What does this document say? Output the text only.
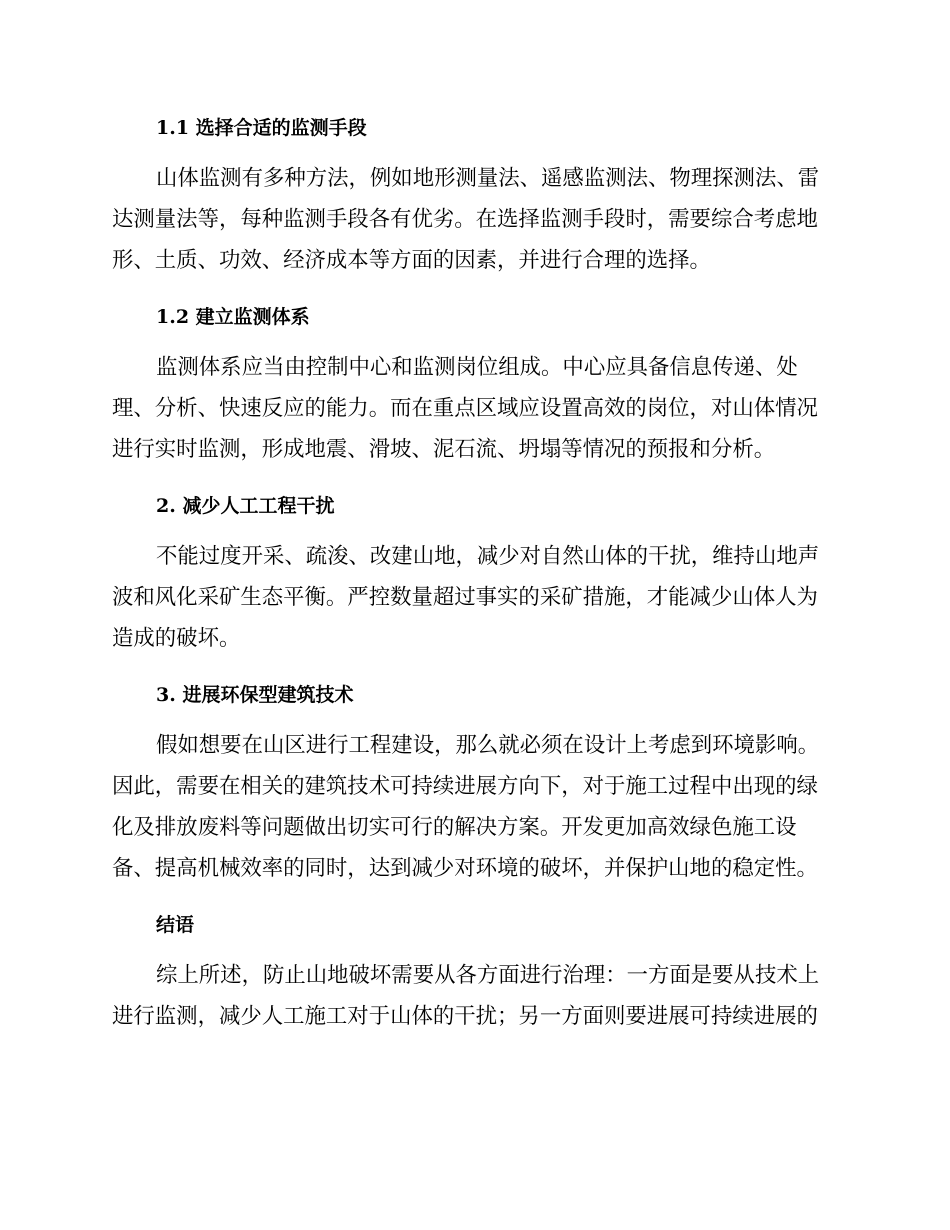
1.1 选择合适的监测手段

山体监测有多种方法，例如地形测量法、遥感监测法、物理探测法、雷
达测量法等，每种监测手段各有优劣。在选择监测手段时，需要综合考虑地
形、土质、功效、经济成本等方面的因素，并进行合理的选择。

1.2 建立监测体系

监测体系应当由控制中心和监测岗位组成。中心应具备信息传递、处
理、分析、快速反应的能力。而在重点区域应设置高效的岗位，对山体情况
进行实时监测，形成地震、滑坡、泥石流、坍塌等情况的预报和分析。

2. 减少人工工程干扰

不能过度开采、疏浚、改建山地，减少对自然山体的干扰，维持山地声
波和风化采矿生态平衡。严控数量超过事实的采矿措施，才能减少山体人为
造成的破坏。

3. 进展环保型建筑技术

假如想要在山区进行工程建设，那么就必须在设计上考虑到环境影响。
因此，需要在相关的建筑技术可持续进展方向下，对于施工过程中出现的绿
化及排放废料等问题做出切实可行的解决方案。开发更加高效绿色施工设
备、提高机械效率的同时，达到减少对环境的破坏，并保护山地的稳定性。

结语

综上所述，防止山地破坏需要从各方面进行治理：一方面是要从技术上
进行监测，减少人工施工对于山体的干扰；另一方面则要进展可持续进展的
